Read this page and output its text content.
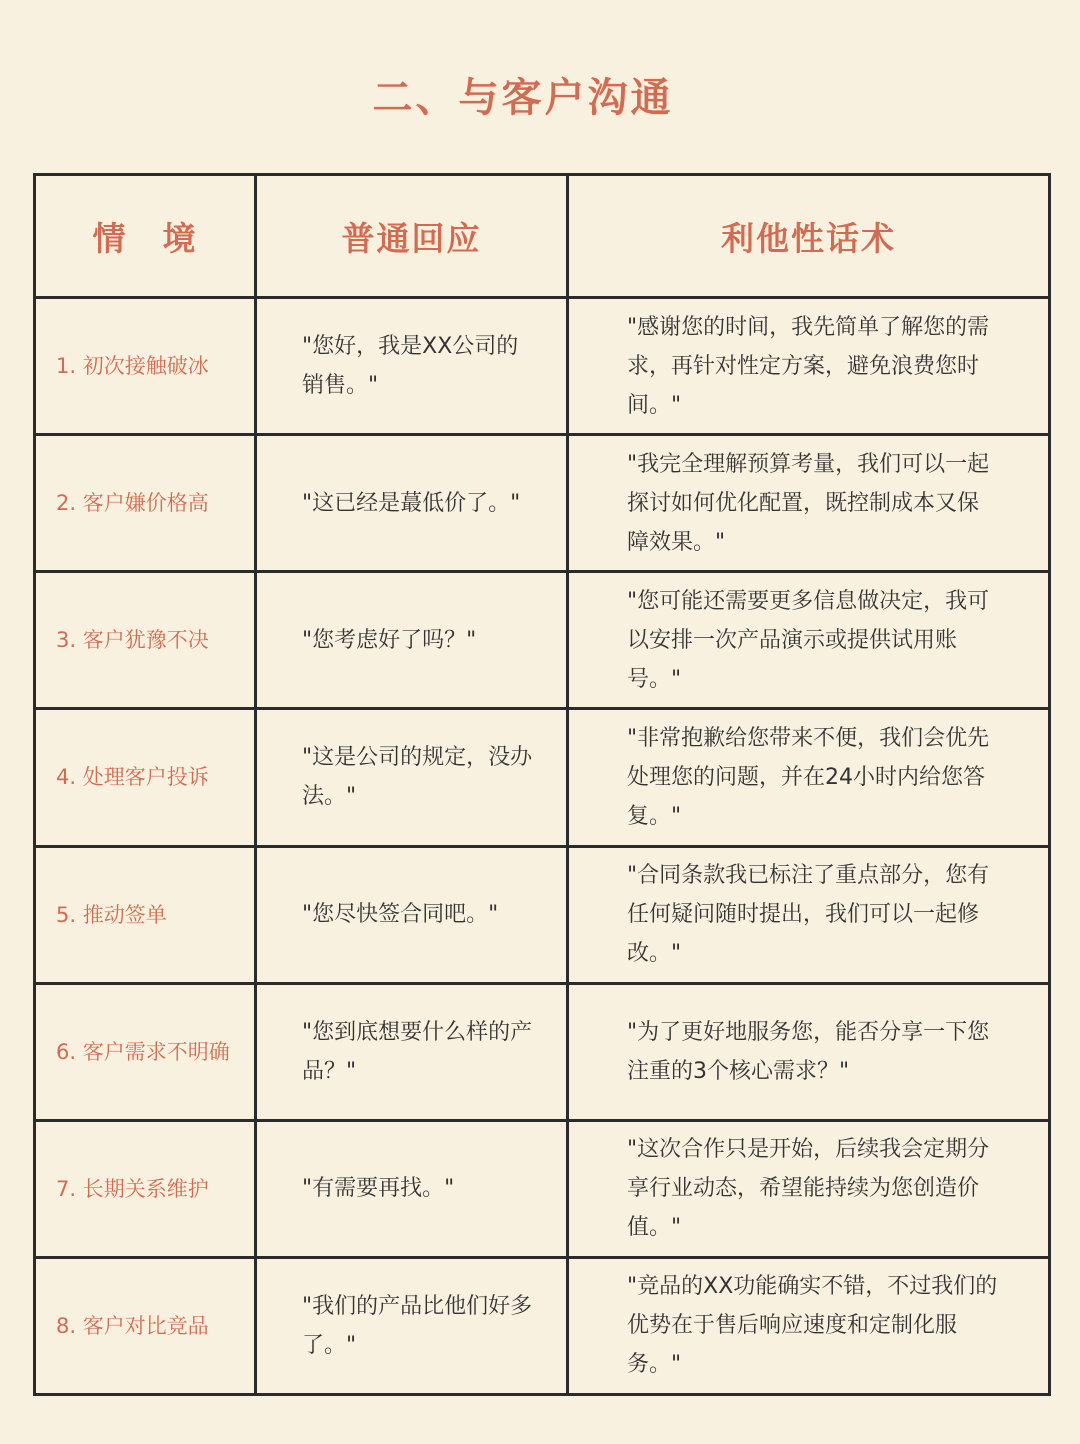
二、与客户沟通
情　境	普通回应	利他性话术
1. 初次接触破冰	"您好，我是XX公司的销售。"	"感谢您的时间，我先简单了解您的需求，再针对性定方案，避免浪费您时间。"
2. 客户嫌价格高	"这已经是蕞低价了。"	"我完全理解预算考量，我们可以一起探讨如何优化配置，既控制成本又保障效果。"
3. 客户犹豫不决	"您考虑好了吗？"	"您可能还需要更多信息做决定，我可以安排一次产品演示或提供试用账号。"
4. 处理客户投诉	"这是公司的规定，没办法。"	"非常抱歉给您带来不便，我们会优先处理您的问题，并在24小时内给您答复。"
5. 推动签单	"您尽快签合同吧。"	"合同条款我已标注了重点部分，您有任何疑问随时提出，我们可以一起修改。"
6. 客户需求不明确	"您到底想要什么样的产品？"	"为了更好地服务您，能否分享一下您注重的3个核心需求？"
7. 长期关系维护	"有需要再找。"	"这次合作只是开始，后续我会定期分享行业动态，希望能持续为您创造价值。"
8. 客户对比竞品	"我们的产品比他们好多了。"	"竞品的XX功能确实不错，不过我们的优势在于售后响应速度和定制化服务。"
